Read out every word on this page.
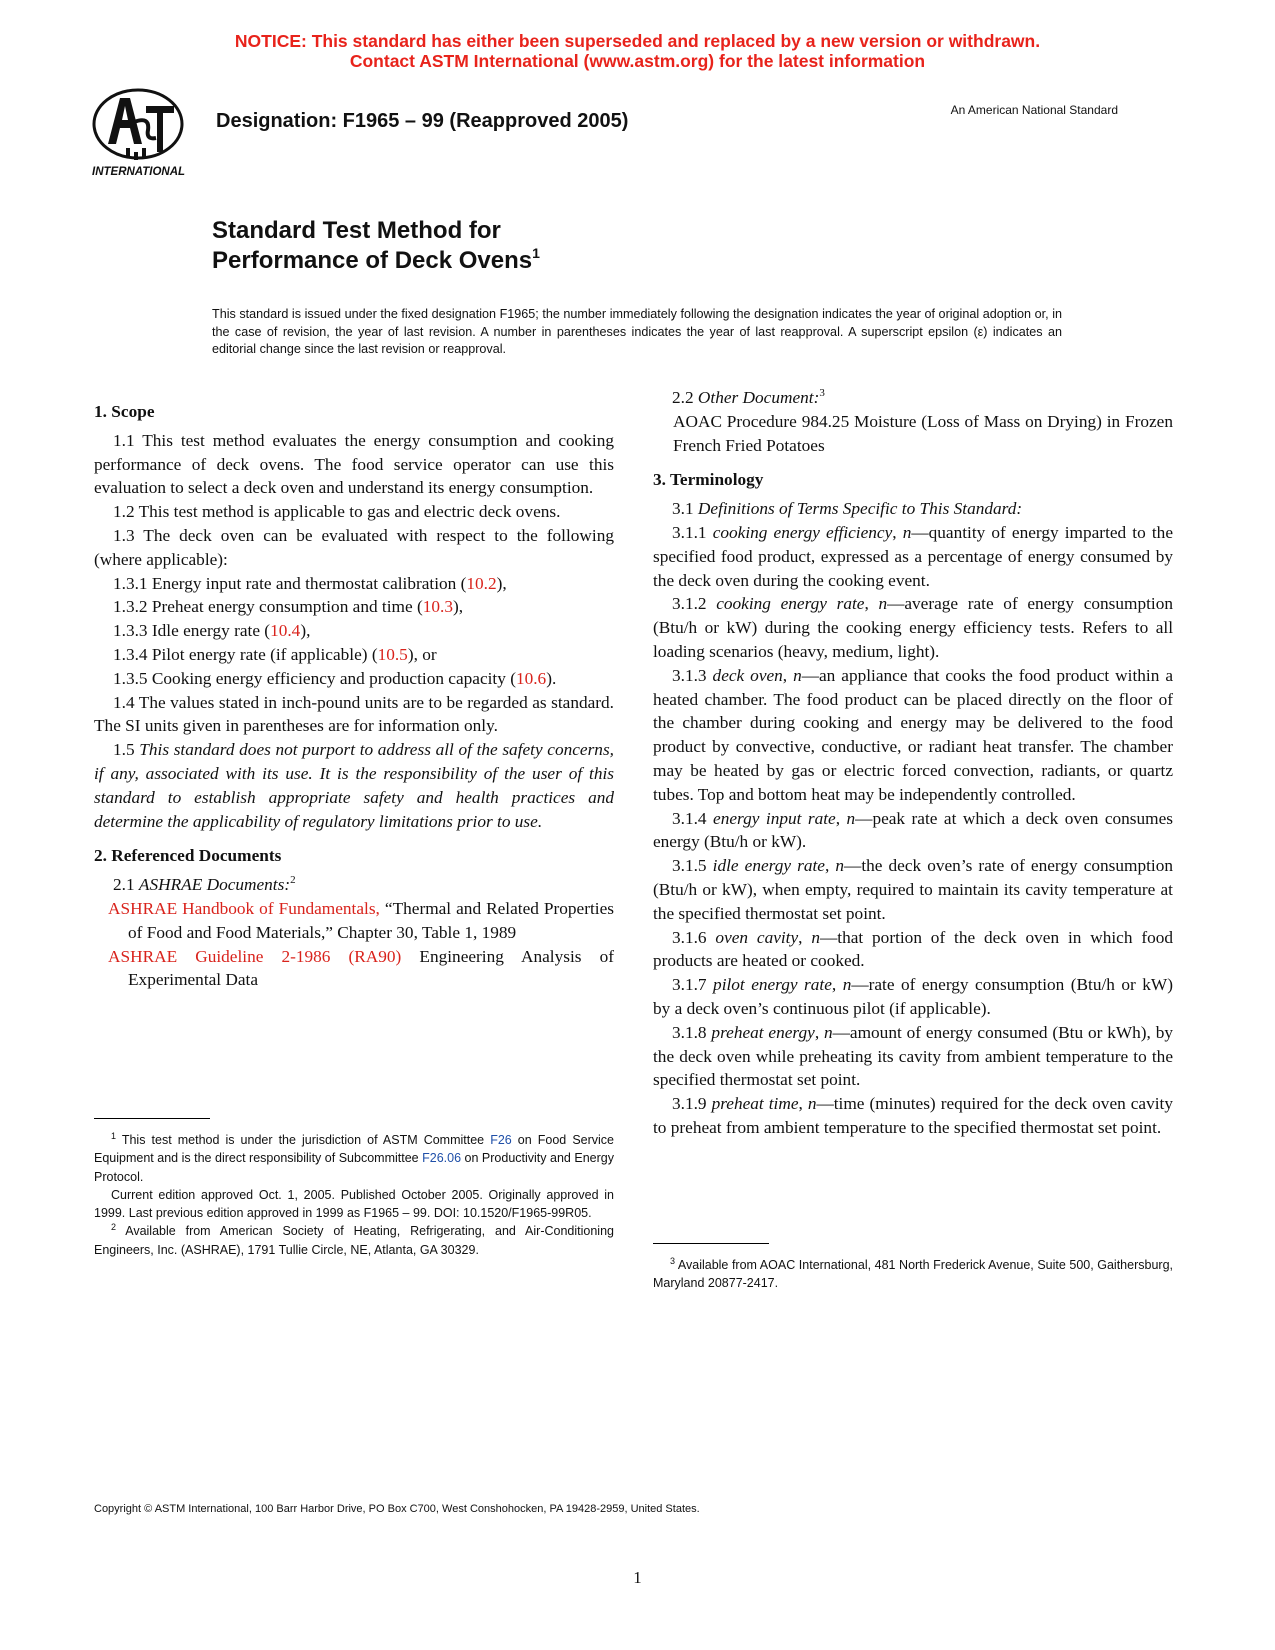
NOTICE: This standard has either been superseded and replaced by a new version or withdrawn.
Contact ASTM International (www.astm.org) for the latest information
INTERNATIONAL
Designation: F1965 – 99 (Reapproved 2005)	An American National Standard
Standard Test Method for
Performance of Deck Ovens$^1$
This standard is issued under the fixed designation F1965; the number immediately following the designation indicates the year of original adoption or, in the case of revision, the year of last revision. A number in parentheses indicates the year of last reapproval. A superscript epsilon (ε) indicates an editorial change since the last revision or reapproval.
1. Scope

1.1 This test method evaluates the energy consumption and cooking performance of deck ovens. The food service operator can use this evaluation to select a deck oven and understand its energy consumption.

1.2 This test method is applicable to gas and electric deck ovens.

1.3 The deck oven can be evaluated with respect to the following (where applicable):

1.3.1 Energy input rate and thermostat calibration (10.2),

1.3.2 Preheat energy consumption and time (10.3),

1.3.3 Idle energy rate (10.4),

1.3.4 Pilot energy rate (if applicable) (10.5), or

1.3.5 Cooking energy efficiency and production capacity (10.6).

1.4 The values stated in inch-pound units are to be regarded as standard. The SI units given in parentheses are for information only.

1.5 This standard does not purport to address all of the safety concerns, if any, associated with its use. It is the responsibility of the user of this standard to establish appropriate safety and health practices and determine the applicability of regulatory limitations prior to use.

2. Referenced Documents

2.1 ASHRAE Documents:$^2$

ASHRAE Handbook of Fundamentals, “Thermal and Related Properties of Food and Food Materials,” Chapter 30, Table 1, 1989

ASHRAE Guideline 2-1986 (RA90) Engineering Analysis of Experimental Data

2.2 Other Document:$^3$

AOAC Procedure 984.25 Moisture (Loss of Mass on Drying) in Frozen French Fried Potatoes

3. Terminology

3.1 Definitions of Terms Specific to This Standard:

3.1.1 cooking energy efficiency, n—quantity of energy imparted to the specified food product, expressed as a percentage of energy consumed by the deck oven during the cooking event.

3.1.2 cooking energy rate, n—average rate of energy consumption (Btu/h or kW) during the cooking energy efficiency tests. Refers to all loading scenarios (heavy, medium, light).

3.1.3 deck oven, n—an appliance that cooks the food product within a heated chamber. The food product can be placed directly on the floor of the chamber during cooking and energy may be delivered to the food product by convective, conductive, or radiant heat transfer. The chamber may be heated by gas or electric forced convection, radiants, or quartz tubes. Top and bottom heat may be independently controlled.

3.1.4 energy input rate, n—peak rate at which a deck oven consumes energy (Btu/h or kW).

3.1.5 idle energy rate, n—the deck oven’s rate of energy consumption (Btu/h or kW), when empty, required to maintain its cavity temperature at the specified thermostat set point.

3.1.6 oven cavity, n—that portion of the deck oven in which food products are heated or cooked.

3.1.7 pilot energy rate, n—rate of energy consumption (Btu/h or kW) by a deck oven’s continuous pilot (if applicable).

3.1.8 preheat energy, n—amount of energy consumed (Btu or kWh), by the deck oven while preheating its cavity from ambient temperature to the specified thermostat set point.

3.1.9 preheat time, n—time (minutes) required for the deck oven cavity to preheat from ambient temperature to the specified thermostat set point.

$^1$ This test method is under the jurisdiction of ASTM Committee F26 on Food Service Equipment and is the direct responsibility of Subcommittee F26.06 on Productivity and Energy Protocol.

Current edition approved Oct. 1, 2005. Published October 2005. Originally approved in 1999. Last previous edition approved in 1999 as F1965 – 99. DOI: 10.1520/F1965-99R05.

$^2$ Available from American Society of Heating, Refrigerating, and Air-Conditioning Engineers, Inc. (ASHRAE), 1791 Tullie Circle, NE, Atlanta, GA 30329.

$^3$ Available from AOAC International, 481 North Frederick Avenue, Suite 500, Gaithersburg, Maryland 20877-2417.

Copyright © ASTM International, 100 Barr Harbor Drive, PO Box C700, West Conshohocken, PA 19428-2959, United States.
1
